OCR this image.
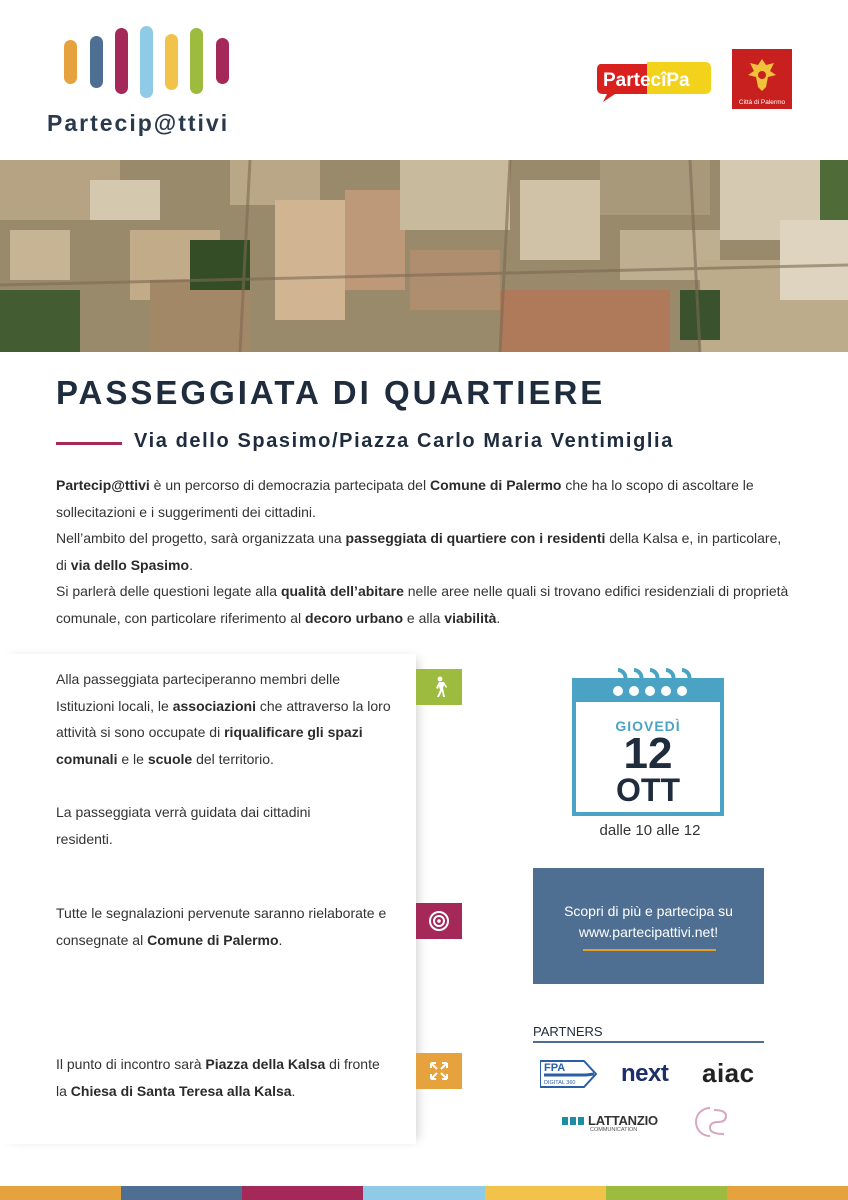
Partecip@ttivi
PartecîPa
Città di Palermo
PASSEGGIATA DI QUARTIERE
Via dello Spasimo/Piazza Carlo Maria Ventimiglia

Partecip@ttivi è un percorso di democrazia partecipata del Comune di Palermo che ha lo scopo di ascoltare le sollecitazioni e i suggerimenti dei cittadini.

Nell’ambito del progetto, sarà organizzata una passeggiata di quartiere con i residenti della Kalsa e, in particolare, di via dello Spasimo.

Si parlerà delle questioni legate alla qualità dell’abitare nelle aree nelle quali si trovano edifici residenziali di proprietà comunale, con particolare riferimento al decoro urbano e alla viabilità.

Alla passeggiata parteciperanno membri delle Istituzioni locali, le associazioni che attraverso la loro attività si sono occupate di riqualificare gli spazi comunali e le scuole del territorio.
La passeggiata verrà guidata dai cittadini residenti.
Tutte le segnalazioni pervenute saranno rielaborate e consegnate al Comune di Palermo.
Il punto di incontro sarà Piazza della Kalsa di fronte la Chiesa di Santa Teresa alla Kalsa.
GIOVEDÌ
12
OTT
dalle 10 alle 12
Scopri di più e partecipa su
www.partecipattivi.net!
PARTNERS
FPA
DIGITAL 360 next aiac
LATTANZIO
COMMUNICATION
